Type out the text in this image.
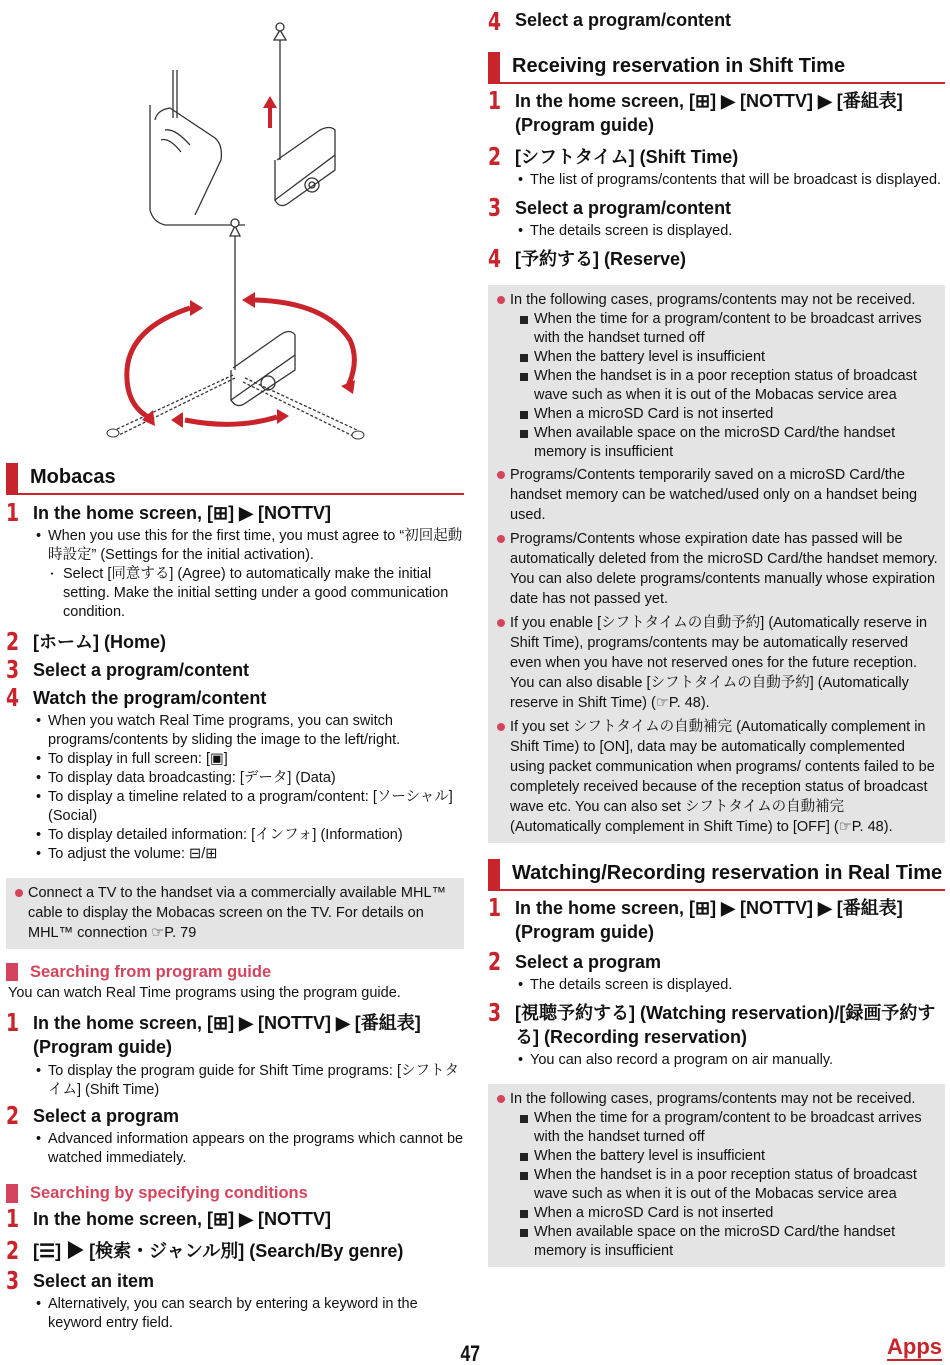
Mobacas
1 In the home screen, [⊞] ▶ [NOTTV]
• When you use this for the first time, you must agree to “初回起動時設定” (Settings for the initial activation).
・ Select [同意する] (Agree) to automatically make the initial setting. Make the initial setting under a good communication condition.
2 [ホーム] (Home)
3 Select a program/content
4 Watch the program/content
• When you watch Real Time programs, you can switch programs/contents by sliding the image to the left/right.
• To display in full screen: [▣]
• To display data broadcasting: [データ] (Data)
• To display a timeline related to a program/content: [ソーシャル] (Social)
• To display detailed information: [インフォ] (Information)
• To adjust the volume: ⊟/⊞
Connect a TV to the handset via a commercially available MHL™ cable to display the Mobacas screen on the TV. For details on MHL™ connection ☞P. 79
Searching from program guide
You can watch Real Time programs using the program guide.
1 In the home screen, [⊞] ▶ [NOTTV] ▶ [番組表] (Program guide)
• To display the program guide for Shift Time programs: [シフトタイム] (Shift Time)
2 Select a program
• Advanced information appears on the programs which cannot be watched immediately.
Searching by specifying conditions
1 In the home screen, [⊞] ▶ [NOTTV]
2 [☰] ▶ [検索・ジャンル別] (Search/By genre)
3 Select an item
• Alternatively, you can search by entering a keyword in the keyword entry field.
4 Select a program/content
Receiving reservation in Shift Time
1 In the home screen, [⊞] ▶ [NOTTV] ▶ [番組表] (Program guide)
2 [シフトタイム] (Shift Time)
• The list of programs/contents that will be broadcast is displayed.
3 Select a program/content
• The details screen is displayed.
4 [予約する] (Reserve)
In the following cases, programs/contents may not be received.
When the time for a program/content to be broadcast arrives with the handset turned off
When the battery level is insufficient
When the handset is in a poor reception status of broadcast wave such as when it is out of the Mobacas service area
When a microSD Card is not inserted
When available space on the microSD Card/the handset memory is insufficient
Programs/Contents temporarily saved on a microSD Card/the handset memory can be watched/used only on a handset being used.
Programs/Contents whose expiration date has passed will be automatically deleted from the microSD Card/the handset memory. You can also delete programs/contents manually whose expiration date has not passed yet.
If you enable [シフトタイムの自動予約] (Automatically reserve in Shift Time), programs/contents may be automatically reserved even when you have not reserved ones for the future reception. You can also disable [シフトタイムの自動予約] (Automatically reserve in Shift Time) (☞P. 48).
If you set シフトタイムの自動補完 (Automatically complement in Shift Time) to [ON], data may be automatically complemented using packet communication when programs/ contents failed to be completely received because of the reception status of broadcast wave etc. You can also set シフトタイムの自動補完 (Automatically complement in Shift Time) to [OFF] (☞P. 48).
Watching/Recording reservation in Real Time
1 In the home screen, [⊞] ▶ [NOTTV] ▶ [番組表] (Program guide)
2 Select a program
• The details screen is displayed.
3 [視聴予約する] (Watching reservation)/[録画予約する] (Recording reservation)
• You can also record a program on air manually.
In the following cases, programs/contents may not be received.
When the time for a program/content to be broadcast arrives with the handset turned off
When the battery level is insufficient
When the handset is in a poor reception status of broadcast wave such as when it is out of the Mobacas service area
When a microSD Card is not inserted
When available space on the microSD Card/the handset memory is insufficient
47	Apps
